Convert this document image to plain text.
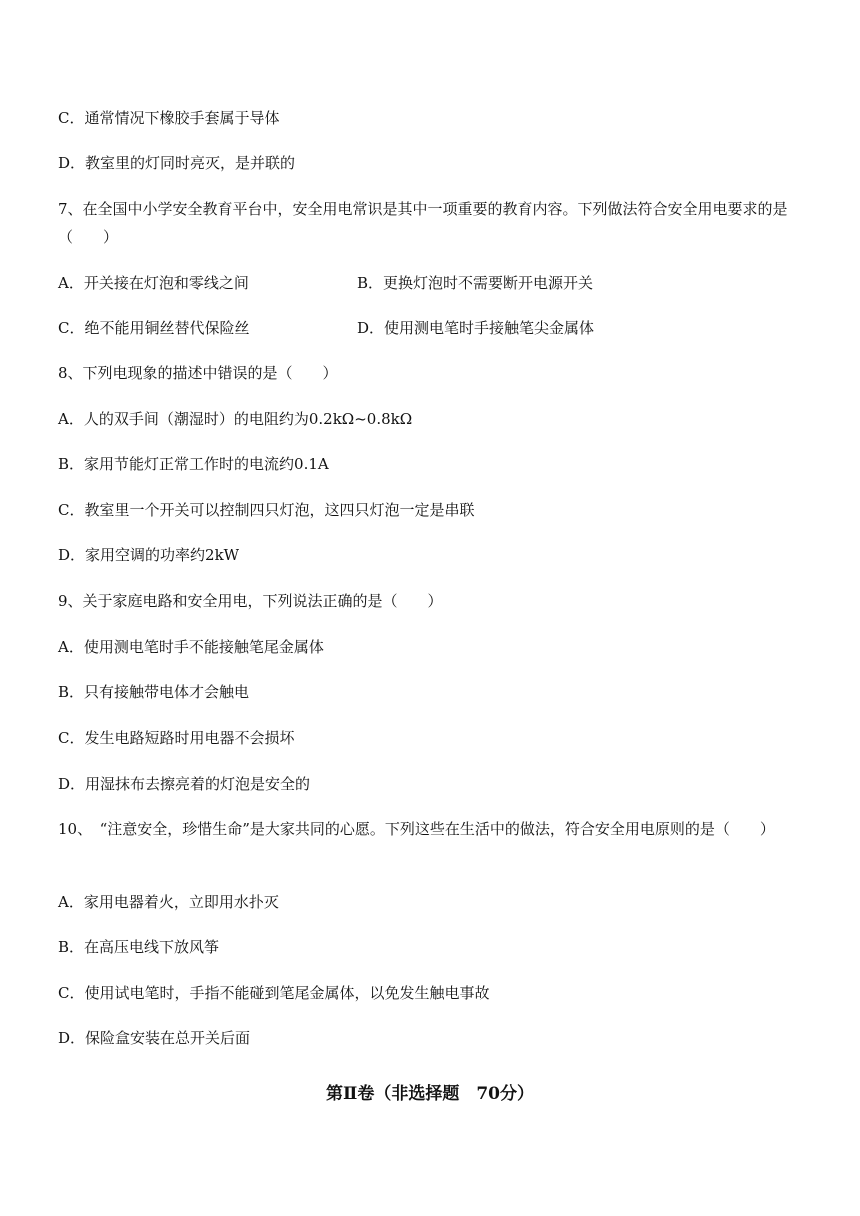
C．通常情况下橡胶手套属于导体
D．教室里的灯同时亮灭，是并联的
7、在全国中小学安全教育平台中，安全用电常识是其中一项重要的教育内容。下列做法符合安全用电要求的是（　　）
A．开关接在灯泡和零线之间	B．更换灯泡时不需要断开电源开关
C．绝不能用铜丝替代保险丝	D．使用测电笔时手接触笔尖金属体
8、下列电现象的描述中错误的是（　　）
A．人的双手间（潮湿时）的电阻约为0.2kΩ~0.8kΩ
B．家用节能灯正常工作时的电流约0.1A
C．教室里一个开关可以控制四只灯泡，这四只灯泡一定是串联
D．家用空调的功率约2kW
9、关于家庭电路和安全用电，下列说法正确的是（　　）
A．使用测电笔时手不能接触笔尾金属体
B．只有接触带电体才会触电
C．发生电路短路时用电器不会损坏
D．用湿抹布去擦亮着的灯泡是安全的
10、　“注意安全，珍惜生命”是大家共同的心愿。下列这些在生活中的做法，符合安全用电原则的是（　　）
A．家用电器着火，立即用水扑灭
B．在高压电线下放风筝
C．使用试电笔时，手指不能碰到笔尾金属体，以免发生触电事故
D．保险盒安装在总开关后面
第Ⅱ卷（非选择题　70分）
